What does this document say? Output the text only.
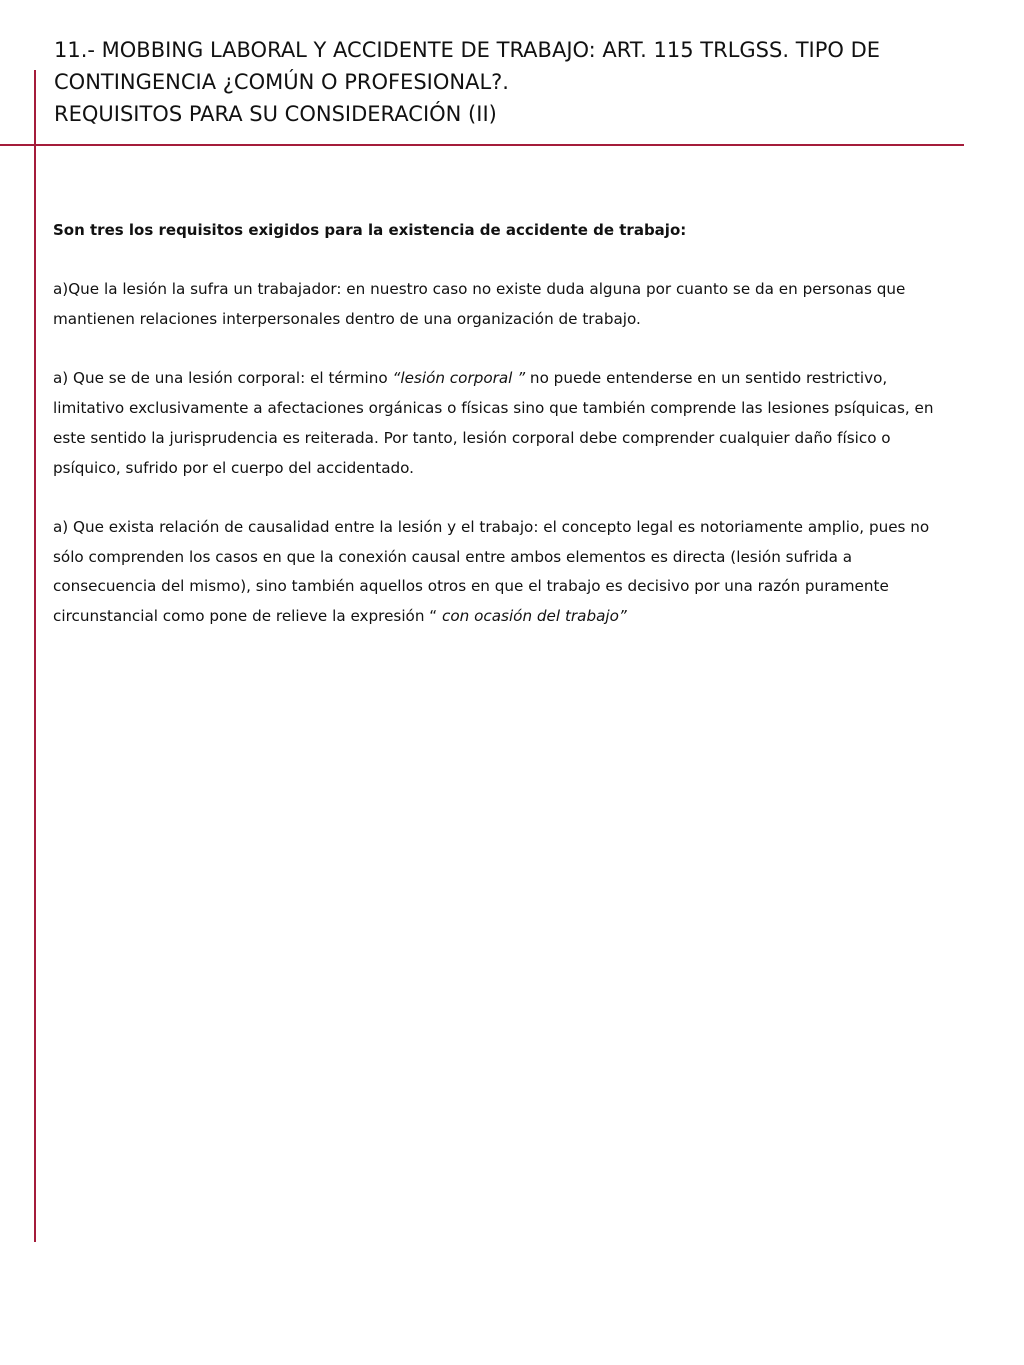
11.- MOBBING LABORAL Y ACCIDENTE DE TRABAJO: ART. 115 TRLGSS. TIPO DE
CONTINGENCIA ¿COMÚN O PROFESIONAL?.
REQUISITOS PARA SU CONSIDERACIÓN (II)

Son tres los requisitos exigidos para la existencia de accidente de trabajo:

a)Que la lesión la sufra un trabajador: en nuestro caso no existe duda alguna por cuanto se da en personas que mantienen relaciones interpersonales dentro de una organización de trabajo.

a) Que se de una lesión corporal: el término “lesión corporal ” no puede entenderse en un sentido restrictivo, limitativo exclusivamente a afectaciones orgánicas o físicas sino que también comprende las lesiones psíquicas, en este sentido la jurisprudencia es reiterada. Por tanto, lesión corporal debe comprender cualquier daño físico o psíquico, sufrido por el cuerpo del accidentado.

a) Que exista relación de causalidad entre la lesión y el trabajo: el concepto legal es notoriamente amplio, pues no sólo comprenden los casos en que la conexión causal entre ambos elementos es directa (lesión sufrida a consecuencia del mismo), sino también aquellos otros en que el trabajo es decisivo por una razón puramente circunstancial como pone de relieve la expresión “ con ocasión del trabajo”
